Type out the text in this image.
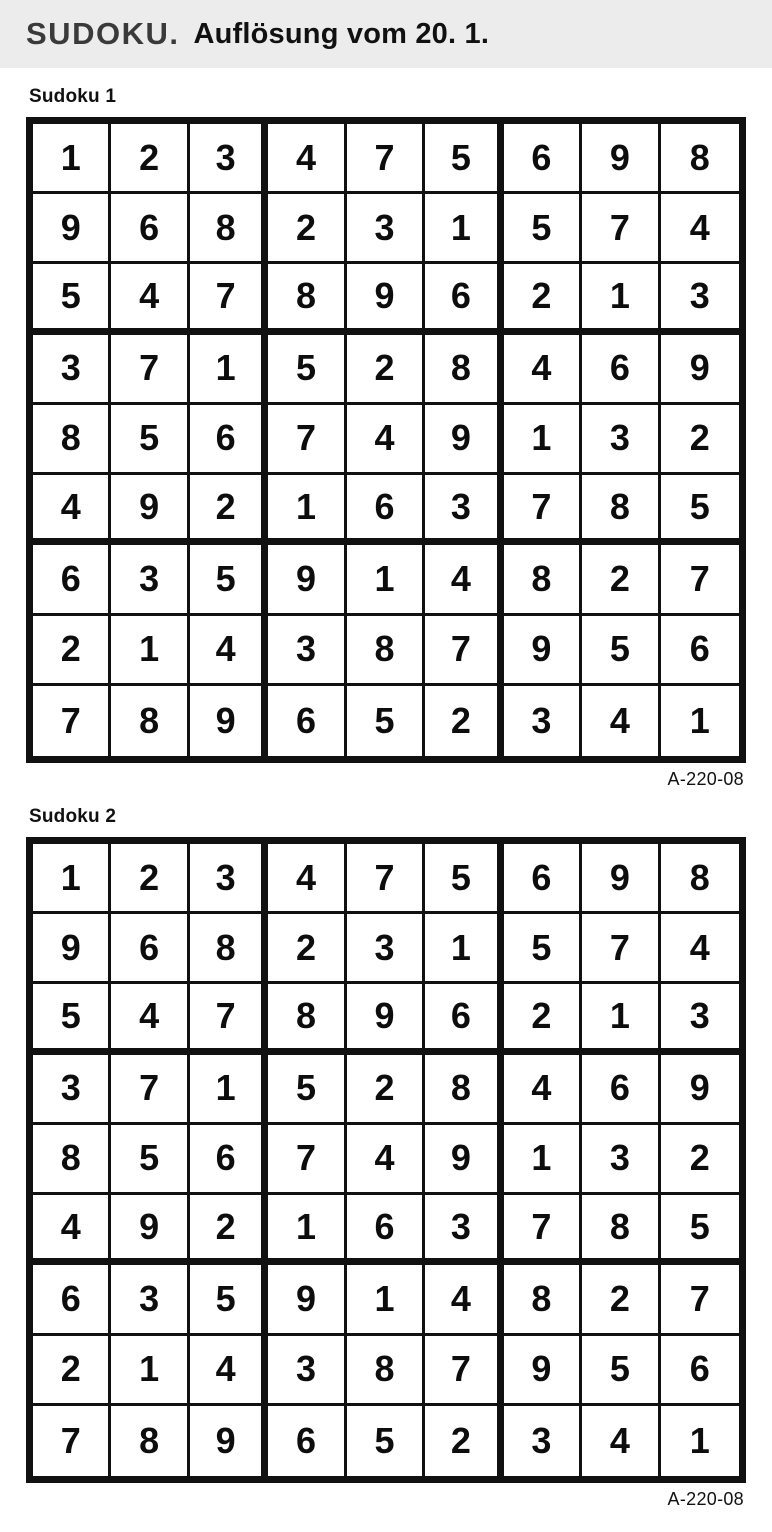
SUDOKU. Auflösung vom 20. 1.
Sudoku 1
1	2	3	4	7	5	6	9	8
9	6	8	2	3	1	5	7	4
5	4	7	8	9	6	2	1	3
3	7	1	5	2	8	4	6	9
8	5	6	7	4	9	1	3	2
4	9	2	1	6	3	7	8	5
6	3	5	9	1	4	8	2	7
2	1	4	3	8	7	9	5	6
7	8	9	6	5	2	3	4	1
A-220-08
Sudoku 2
1	2	3	4	7	5	6	9	8
9	6	8	2	3	1	5	7	4
5	4	7	8	9	6	2	1	3
3	7	1	5	2	8	4	6	9
8	5	6	7	4	9	1	3	2
4	9	2	1	6	3	7	8	5
6	3	5	9	1	4	8	2	7
2	1	4	3	8	7	9	5	6
7	8	9	6	5	2	3	4	1
A-220-08
